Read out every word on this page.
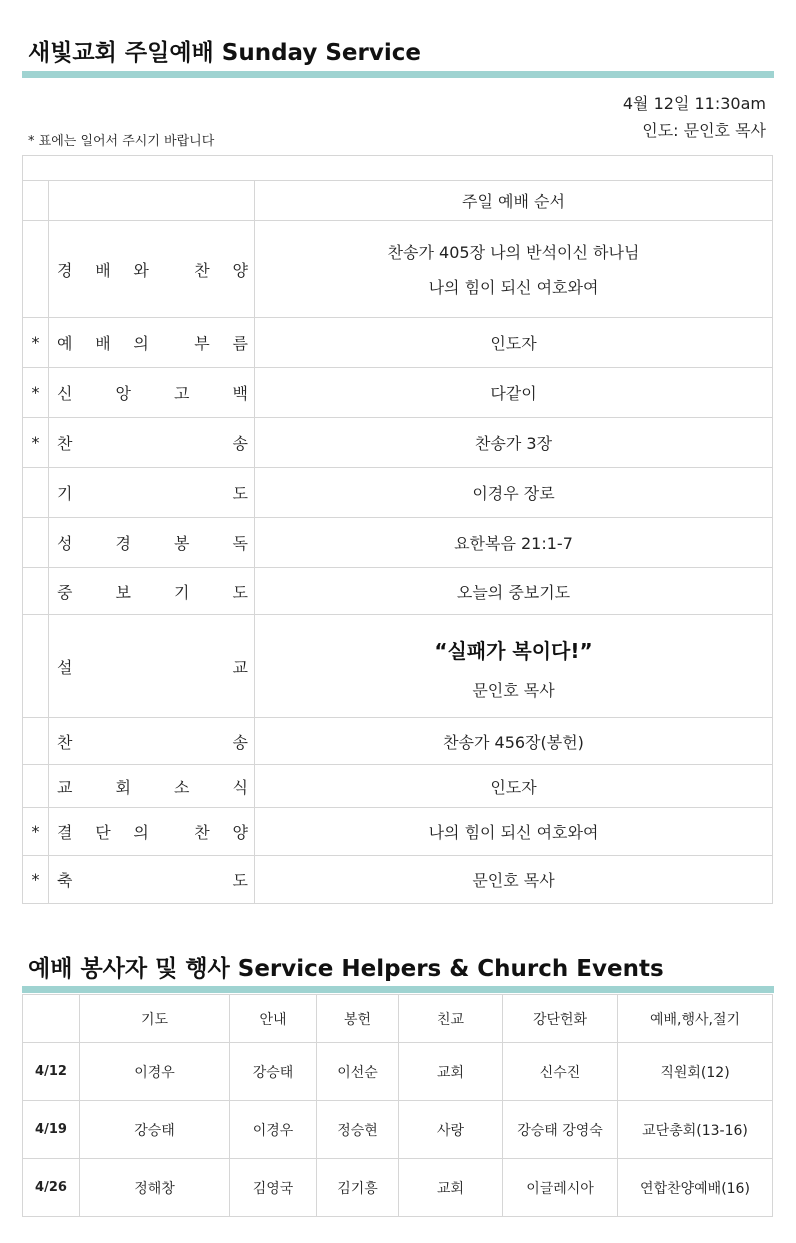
새빛교회 주일예배 Sunday Service
4월 12일 11:30am
인도: 문인호 목사
* 표에는 일어서 주시기 바랍니다

		주일 예배 순서

	경 배 와 찬 양	찬송가 405장 나의 반석이신 하나님
나의 힘이 되신 여호와여

*	예 배 의 부 름	인도자

*	신 앙 고 백	다같이

*	찬 송	찬송가 3장

	기 도	이경우 장로

	성 경 봉 독	요한복음 21:1-7

	중 보 기 도	오늘의 중보기도

	설 교	“실패가 복이다!”
문인호 목사

	찬 송	찬송가 456장(봉헌)

	교 회 소 식	인도자

*	결 단 의 찬 양	나의 힘이 되신 여호와여

*	축 도	문인호 목사
예배 봉사자 및 행사 Service Helpers & Church Events
	기도	안내	봉헌	친교	강단헌화	예배,행사,절기
4/12	이경우	강승태	이선순	교회	신수진	직원회(12)
4/19	강승태	이경우	정승현	사랑	강승태 강영숙	교단총회(13-16)
4/26	정해창	김영국	김기흥	교회	이글레시아	연합찬양예배(16)
